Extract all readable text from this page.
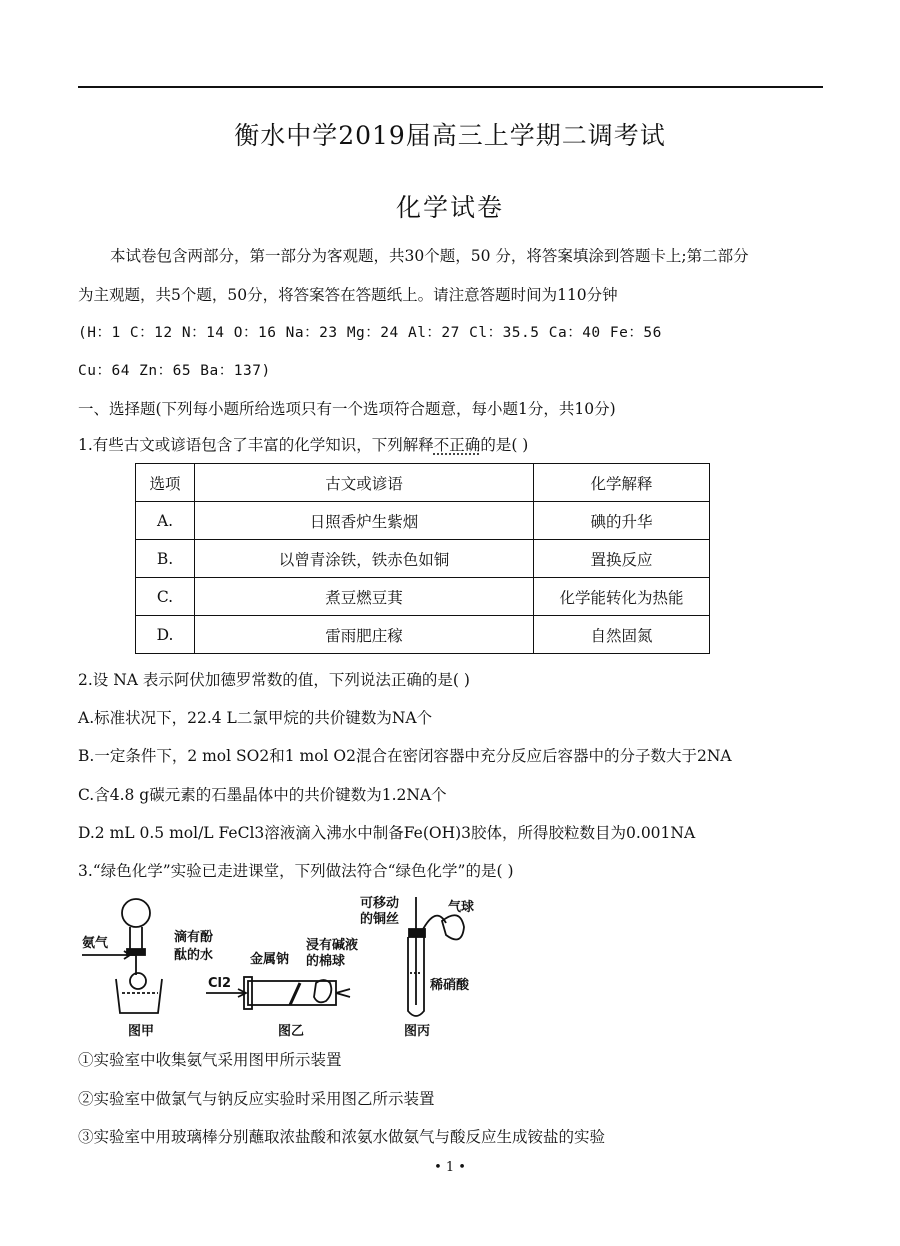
衡水中学2019届高三上学期二调考试
化学试卷
本试卷包含两部分，第一部分为客观题，共30个题，50 分，将答案填涂到答题卡上;第二部分
为主观题，共5个题，50分，将答案答在答题纸上。请注意答题时间为110分钟
(H：1 C：12 N：14 O：16 Na：23 Mg：24 Al：27 Cl：35.5 Ca：40 Fe：56
Cu：64 Zn：65 Ba：137)
一、选择题(下列每小题所给选项只有一个选项符合题意，每小题1分，共10分)
1.有些古文或谚语包含了丰富的化学知识，下列解释不正确的是( )
选项	古文或谚语	化学解释
A.	日照香炉生紫烟	碘的升华
B.	以曾青涂铁，铁赤色如铜	置换反应
C.	煮豆燃豆萁	化学能转化为热能
D.	雷雨肥庄稼	自然固氮
2.设 NA 表示阿伏加德罗常数的值，下列说法正确的是( )
A.标准状况下，22.4 L二氯甲烷的共价键数为NA个
B.一定条件下，2 mol SO2和1 mol O2混合在密闭容器中充分反应后容器中的分子数大于2NA
C.含4.8 g碳元素的石墨晶体中的共价键数为1.2NA个
D.2 mL 0.5 mol/L FeCl3溶液滴入沸水中制备Fe(OH)3胶体，所得胶粒数目为0.001NA
3.“绿色化学”实验已走进课堂，下列做法符合“绿色化学”的是( )
氨气	滴有酚
酞的水	金属钠
Cl2
浸有碱液
的棉球
可移动
的铜丝
气球
稀硝酸
图甲	图乙	图丙
①实验室中收集氨气采用图甲所示装置
②实验室中做氯气与钠反应实验时采用图乙所示装置
③实验室中用玻璃棒分别蘸取浓盐酸和浓氨水做氨气与酸反应生成铵盐的实验
• 1 •
